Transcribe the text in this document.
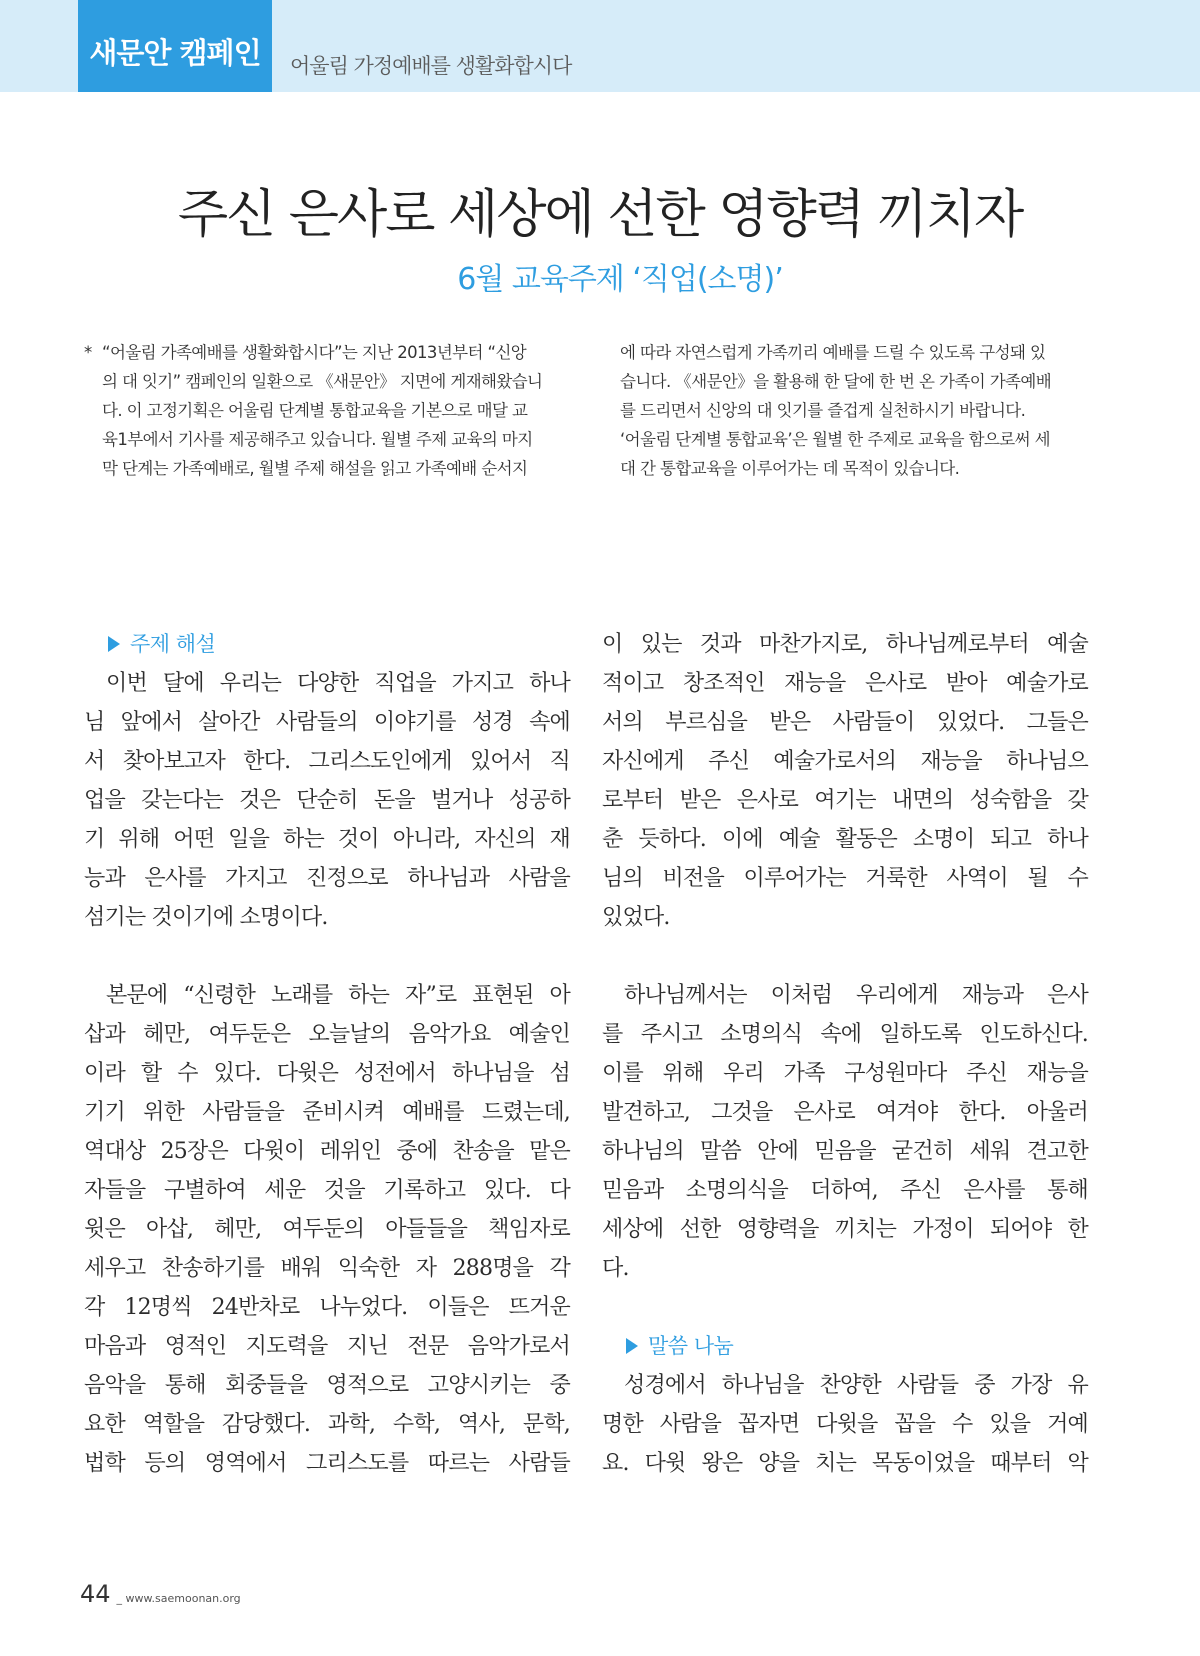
새문안 캠페인	어울림 가정예배를 생활화합시다
주신 은사로 세상에 선한 영향력 끼치자
6월 교육주제 ‘직업(소명)’
* “어울림 가족예배를 생활화합시다”는 지난 2013년부터 “신앙
의 대 잇기” 캠페인의 일환으로 《새문안》 지면에 게재해왔습니
다. 이 고정기획은 어울림 단계별 통합교육을 기본으로 매달 교
육1부에서 기사를 제공해주고 있습니다. 월별 주제 교육의 마지
막 단계는 가족예배로, 월별 주제 해설을 읽고 가족예배 순서지
에 따라 자연스럽게 가족끼리 예배를 드릴 수 있도록 구성돼 있
습니다. 《새문안》을 활용해 한 달에 한 번 온 가족이 가족예배
를 드리면서 신앙의 대 잇기를 즐겁게 실천하시기 바랍니다.
‘어울림 단계별 통합교육’은 월별 한 주제로 교육을 함으로써 세
대 간 통합교육을 이루어가는 데 목적이 있습니다.
주제 해설
이번 달에 우리는 다양한 직업을 가지고 하나
님 앞에서 살아간 사람들의 이야기를 성경 속에
서 찾아보고자 한다. 그리스도인에게 있어서 직
업을 갖는다는 것은 단순히 돈을 벌거나 성공하
기 위해 어떤 일을 하는 것이 아니라, 자신의 재
능과 은사를 가지고 진정으로 하나님과 사람을
섬기는 것이기에 소명이다.
본문에 “신령한 노래를 하는 자”로 표현된 아
삽과 헤만, 여두둔은 오늘날의 음악가요 예술인
이라 할 수 있다. 다윗은 성전에서 하나님을 섬
기기 위한 사람들을 준비시켜 예배를 드렸는데,
역대상 25장은 다윗이 레위인 중에 찬송을 맡은
자들을 구별하여 세운 것을 기록하고 있다. 다
윗은 아삽, 헤만, 여두둔의 아들들을 책임자로
세우고 찬송하기를 배워 익숙한 자 288명을 각
각 12명씩 24반차로 나누었다. 이들은 뜨거운
마음과 영적인 지도력을 지닌 전문 음악가로서
음악을 통해 회중들을 영적으로 고양시키는 중
요한 역할을 감당했다. 과학, 수학, 역사, 문학,
법학 등의 영역에서 그리스도를 따르는 사람들
이 있는 것과 마찬가지로, 하나님께로부터 예술
적이고 창조적인 재능을 은사로 받아 예술가로
서의 부르심을 받은 사람들이 있었다. 그들은
자신에게 주신 예술가로서의 재능을 하나님으
로부터 받은 은사로 여기는 내면의 성숙함을 갖
춘 듯하다. 이에 예술 활동은 소명이 되고 하나
님의 비전을 이루어가는 거룩한 사역이 될 수
있었다.
하나님께서는 이처럼 우리에게 재능과 은사
를 주시고 소명의식 속에 일하도록 인도하신다.
이를 위해 우리 가족 구성원마다 주신 재능을
발견하고, 그것을 은사로 여겨야 한다. 아울러
하나님의 말씀 안에 믿음을 굳건히 세워 견고한
믿음과 소명의식을 더하여, 주신 은사를 통해
세상에 선한 영향력을 끼치는 가정이 되어야 한
다.
말씀 나눔
성경에서 하나님을 찬양한 사람들 중 가장 유
명한 사람을 꼽자면 다윗을 꼽을 수 있을 거예
요. 다윗 왕은 양을 치는 목동이었을 때부터 악
44 _ www.saemoonan.org
